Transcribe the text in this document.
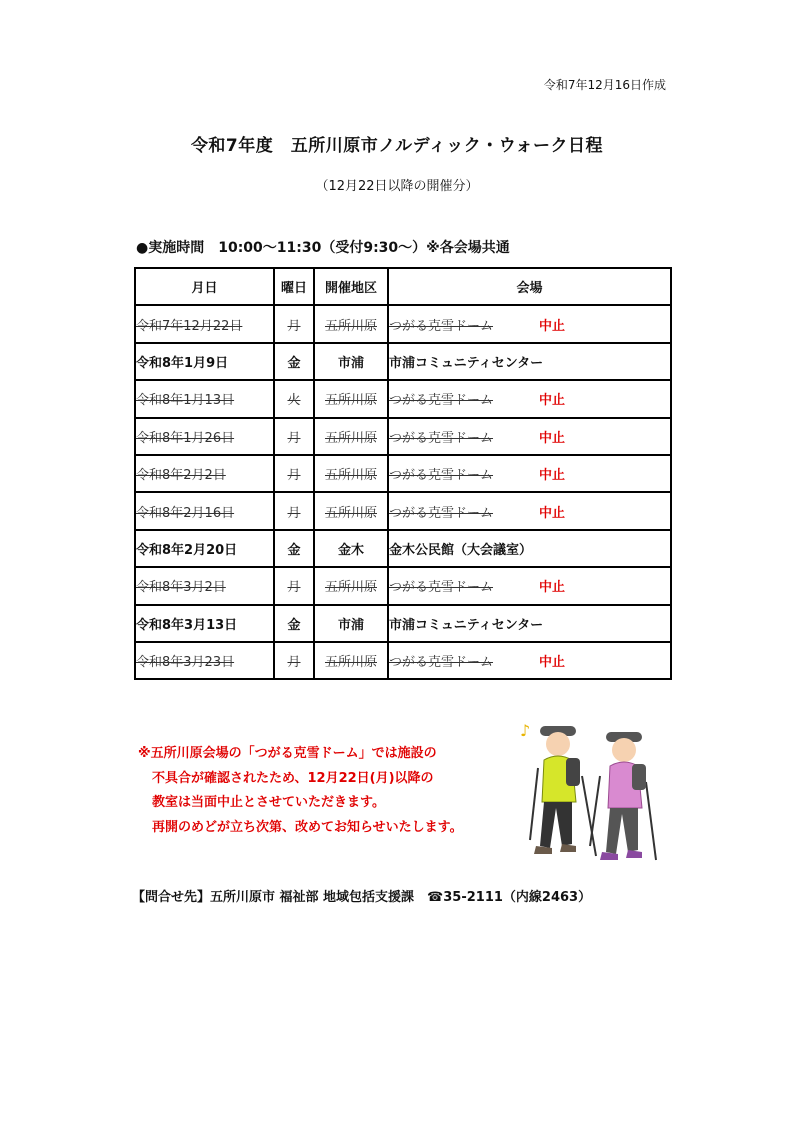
令和7年12月16日作成
令和7年度　五所川原市ノルディック・ウォーク日程
（12月22日以降の開催分）
●実施時間　10:00～11:30（受付9:30～）※各会場共通
月日	曜日	開催地区	会場
令和7年12月22日	月	五所川原	つがる克雪ドーム 中止

令和8年1月9日	金	市浦	市浦コミュニティセンター
令和8年1月13日	火	五所川原	つがる克雪ドーム 中止

令和8年1月26日	月	五所川原	つがる克雪ドーム 中止

令和8年2月2日	月	五所川原	つがる克雪ドーム 中止

令和8年2月16日	月	五所川原	つがる克雪ドーム 中止

令和8年2月20日	金	金木	金木公民館（大会議室）
令和8年3月2日	月	五所川原	つがる克雪ドーム 中止

令和8年3月13日	金	市浦	市浦コミュニティセンター
令和8年3月23日	月	五所川原	つがる克雪ドーム 中止
※五所川原会場の「つがる克雪ドーム」では施設の
不具合が確認されたため、12月22日(月)以降の
教室は当面中止とさせていただきます。
再開のめどが立ち次第、改めてお知らせいたします。
♪
【問合せ先】五所川原市 福祉部 地域包括支援課　☎35-2111（内線2463）
